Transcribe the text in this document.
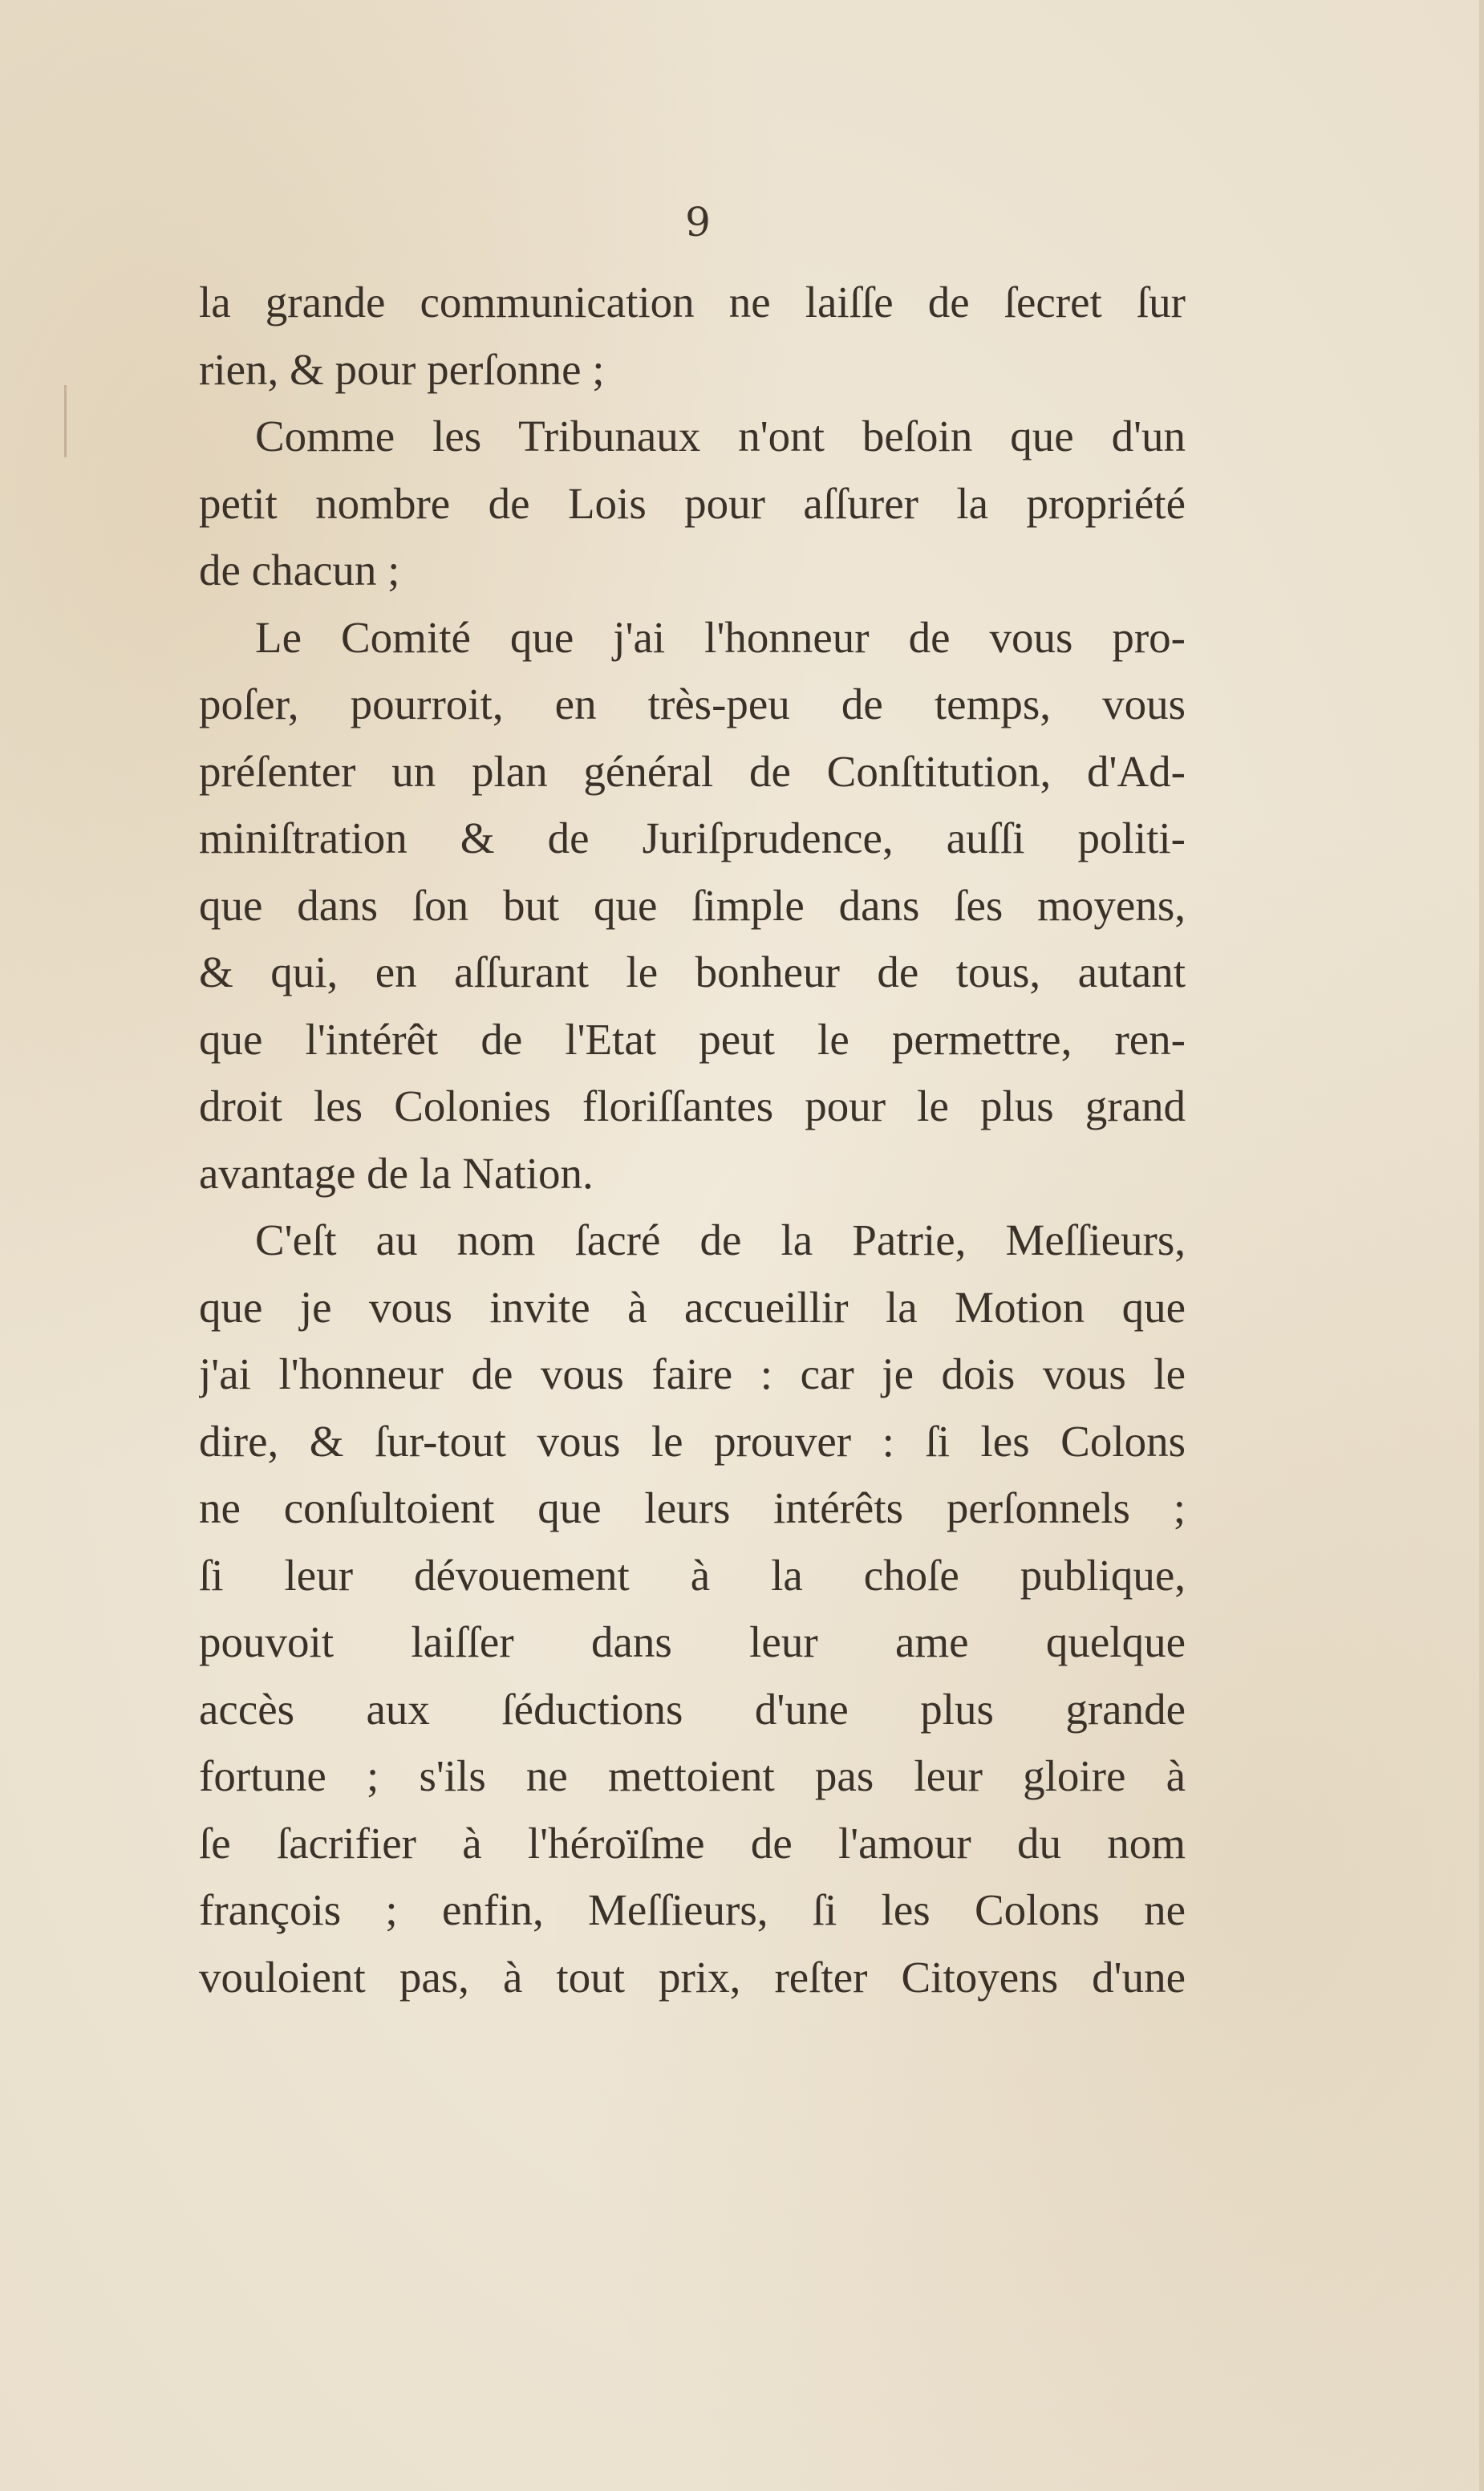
9
la grande communication ne laiſſe de ſecret ſur
rien, & pour perſonne ;
Comme les Tribunaux n'ont beſoin que d'un
petit nombre de Lois pour aſſurer la propriété
de chacun ;
Le Comité que j'ai l'honneur de vous pro-
poſer, pourroit, en très-peu de temps, vous
préſenter un plan général de Conſtitution, d'Ad-
miniſtration & de Juriſprudence, auſſi politi-
que dans ſon but que ſimple dans ſes moyens,
& qui, en aſſurant le bonheur de tous, autant
que l'intérêt de l'Etat peut le permettre, ren-
droit les Colonies floriſſantes pour le plus grand
avantage de la Nation.
C'eſt au nom ſacré de la Patrie, Meſſieurs,
que je vous invite à accueillir la Motion que
j'ai l'honneur de vous faire : car je dois vous le
dire, & ſur-tout vous le prouver : ſi les Colons
ne conſultoient que leurs intérêts perſonnels ;
ſi leur dévouement à la choſe publique,
pouvoit laiſſer dans leur ame quelque
accès aux ſéductions d'une plus grande
fortune ; s'ils ne mettoient pas leur gloire à
ſe ſacrifier à l'héroïſme de l'amour du nom
françois ; enfin, Meſſieurs, ſi les Colons ne
vouloient pas, à tout prix, reſter Citoyens d'une
